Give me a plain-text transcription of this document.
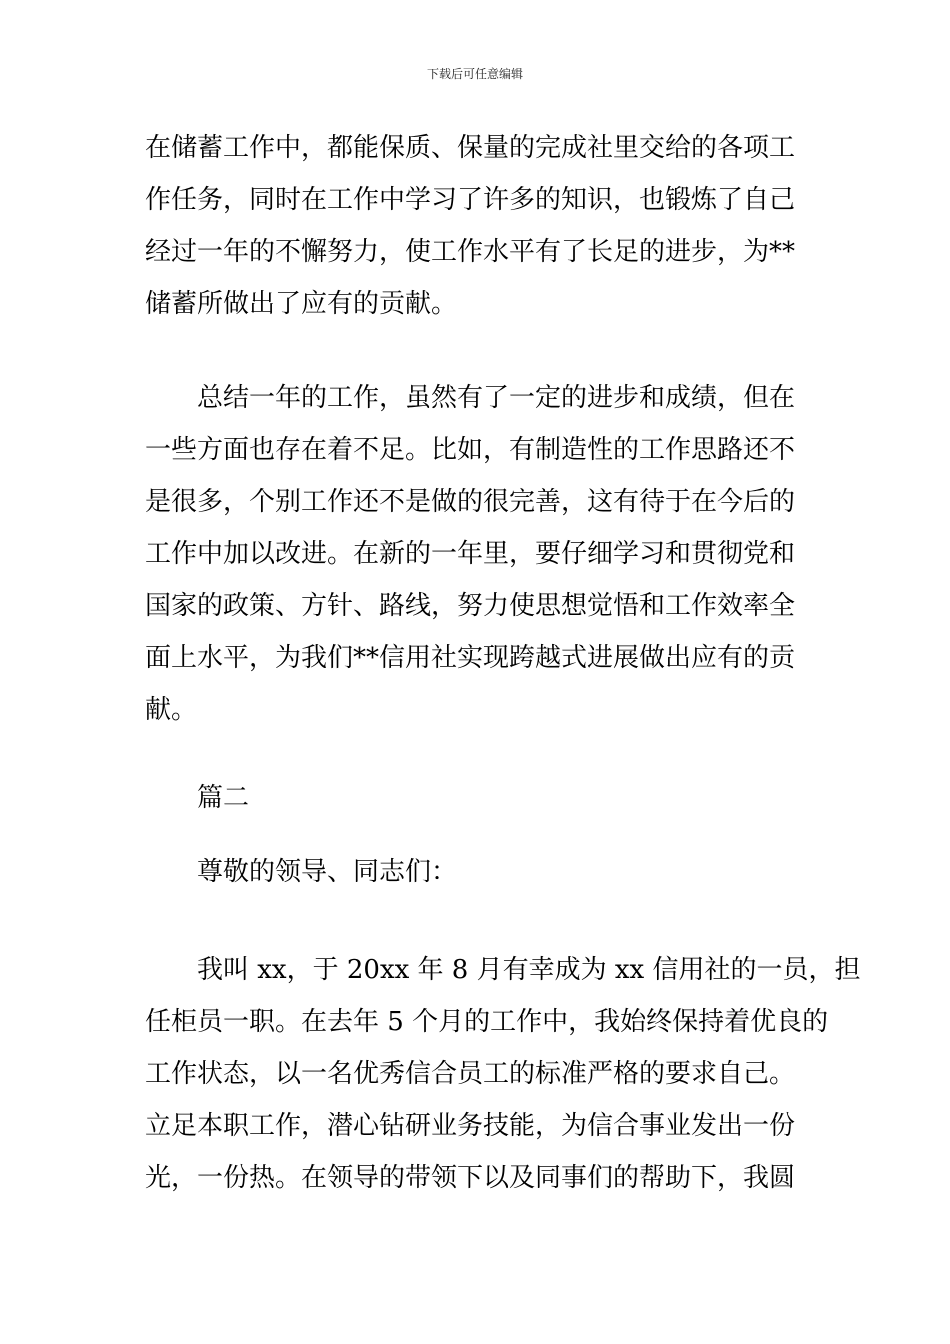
下载后可任意编辑
在储蓄工作中，都能保质、保量的完成社里交给的各项工
作任务，同时在工作中学习了许多的知识，也锻炼了自己
经过一年的不懈努力，使工作水平有了长足的进步，为**
储蓄所做出了应有的贡献。
总结一年的工作，虽然有了一定的进步和成绩，但在
一些方面也存在着不足。比如，有制造性的工作思路还不
是很多，个别工作还不是做的很完善，这有待于在今后的
工作中加以改进。在新的一年里，要仔细学习和贯彻党和
国家的政策、方针、路线，努力使思想觉悟和工作效率全
面上水平，为我们**信用社实现跨越式进展做出应有的贡
献。
篇二
尊敬的领导、同志们：
我叫 xx，于 20xx 年 8 月有幸成为 xx 信用社的一员，担
任柜员一职。在去年 5 个月的工作中，我始终保持着优良的
工作状态，以一名优秀信合员工的标准严格的要求自己。
立足本职工作，潜心钻研业务技能，为信合事业发出一份
光，一份热。在领导的带领下以及同事们的帮助下，我圆
